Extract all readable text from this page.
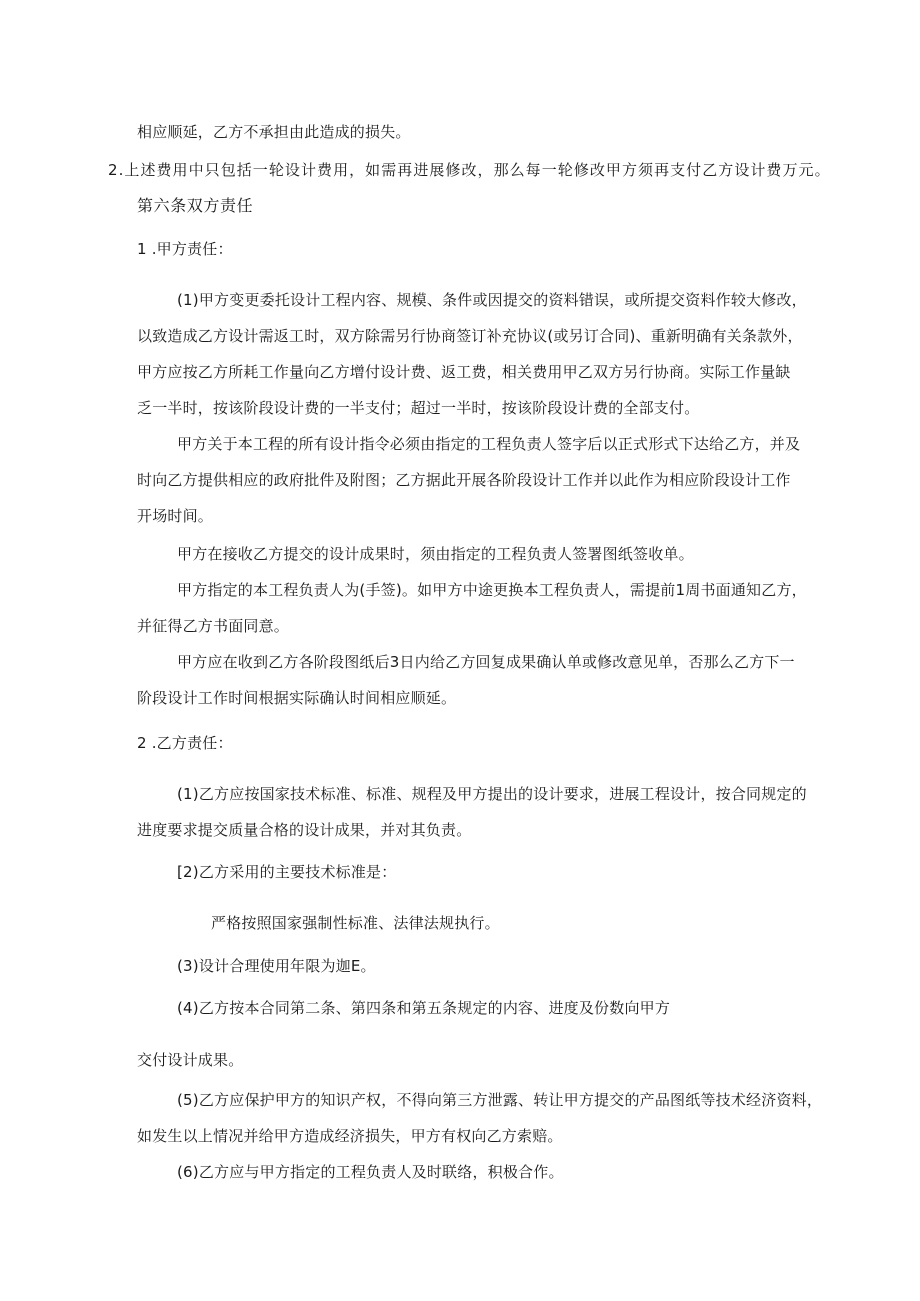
相应顺延，乙方不承担由此造成的损失。
2.上述费用中只包括一轮设计费用，如需再进展修改，那么每一轮修改甲方须再支付乙方设计费万元。
第六条双方责任
1 .甲方责任：
(1)甲方变更委托设计工程内容、规模、条件或因提交的资料错误，或所提交资料作较大修改，
以致造成乙方设计需返工时，双方除需另行协商签订补充协议(或另订合同)、重新明确有关条款外，
甲方应按乙方所耗工作量向乙方增付设计费、返工费，相关费用甲乙双方另行协商。实际工作量缺
乏一半时，按该阶段设计费的一半支付；超过一半时，按该阶段设计费的全部支付。
甲方关于本工程的所有设计指令必须由指定的工程负责人签字后以正式形式下达给乙方，并及
时向乙方提供相应的政府批件及附图；乙方据此开展各阶段设计工作并以此作为相应阶段设计工作
开场时间。
甲方在接收乙方提交的设计成果时，须由指定的工程负责人签署图纸签收单。
甲方指定的本工程负责人为(手签)。如甲方中途更换本工程负责人，需提前1周书面通知乙方，
并征得乙方书面同意。
甲方应在收到乙方各阶段图纸后3日内给乙方回复成果确认单或修改意见单，否那么乙方下一
阶段设计工作时间根据实际确认时间相应顺延。
2 .乙方责任：
(1)乙方应按国家技术标准、标准、规程及甲方提出的设计要求，进展工程设计，按合同规定的
进度要求提交质量合格的设计成果，并对其负责。
[2)乙方采用的主要技术标准是：
严格按照国家强制性标准、法律法规执行。
(3)设计合理使用年限为迦E。
(4)乙方按本合同第二条、第四条和第五条规定的内容、进度及份数向甲方
交付设计成果。
(5)乙方应保护甲方的知识产权，不得向第三方泄露、转让甲方提交的产品图纸等技术经济资料，
如发生以上情况并给甲方造成经济损失，甲方有权向乙方索赔。
(6)乙方应与甲方指定的工程负责人及时联络，积极合作。
